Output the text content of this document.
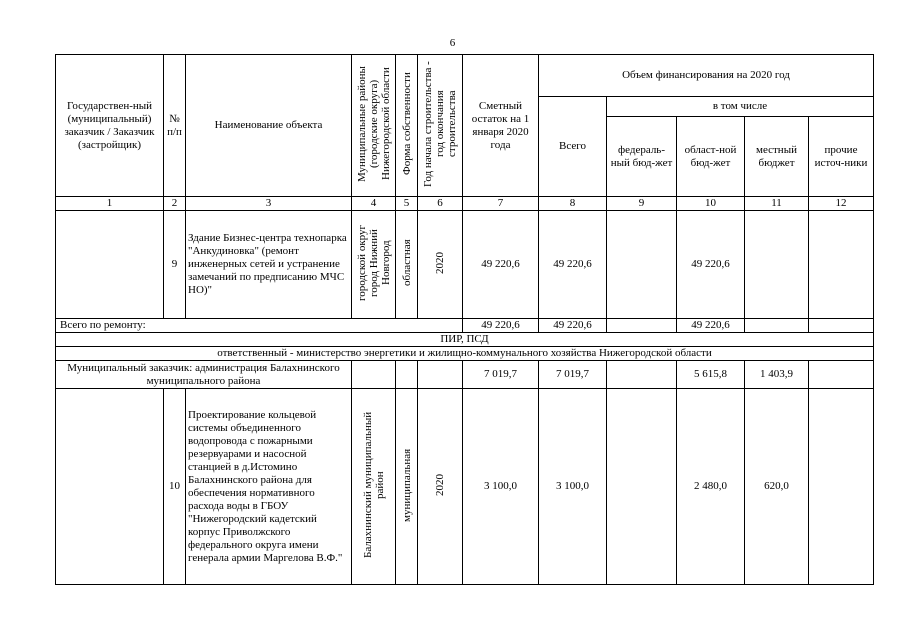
6
Государствен-ный (муниципальный) заказчик / Заказчик (застройщик)	№ п/п	Наименование объекта	Муниципальные районы (городские округа) Нижегородской области	Форма собственности	Год начала строительства - год окончания строительства	Сметный остаток на 1 января 2020 года	Объем финансирования на 2020 год				
							Всего	в том числе			
								федераль-ный бюд-жет	област-ной бюд-жет	местный бюджет	прочие источ-ники
1	2	3	4	5	6	7	8	9	10	11	12
	9	Здание Бизнес-центра технопарка "Анкудиновка" (ремонт инженерных сетей и устранение замечаний по предписанию МЧС НО)"	городской округ город Нижний Новгород	областная	2020	49 220,6	49 220,6		49 220,6		
Всего по ремонту:						49 220,6	49 220,6		49 220,6		
ПИР, ПСД											
ответственный - министерство энергетики и жилищно-коммунального хозяйства Нижегородской области											
Муниципальный заказчик: администрация Балахнинского муниципального района						7 019,7	7 019,7		5 615,8	1 403,9	
	10	Проектирование кольцевой системы объединенного водопровода с пожарными резервуарами и насосной станцией в д.Истомино Балахнинского района для обеспечения нормативного расхода воды в ГБОУ "Нижегородский кадетский корпус Приволжского федерального округа имени генерала армии Маргелова В.Ф."	Балахнинский муниципальный район	муниципальная	2020	3 100,0	3 100,0		2 480,0	620,0	
